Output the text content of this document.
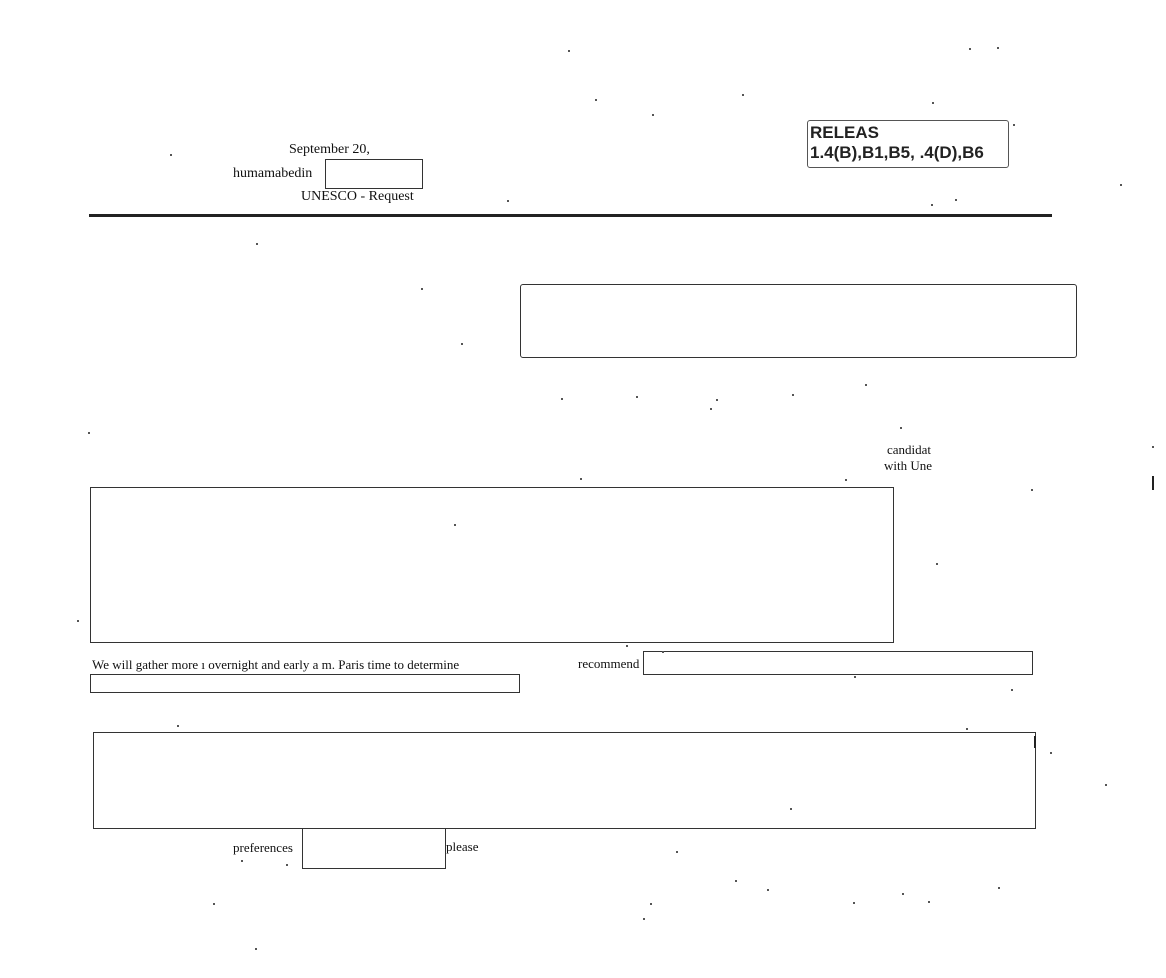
September 20,
humamabedin
UNESCO - Request
RELEAS
1.4(B),B1,B5, .4(D),B6
candidat
with Une
We will gather more ı overnight and early a m. Paris time to determine	recommend
preferences	please
